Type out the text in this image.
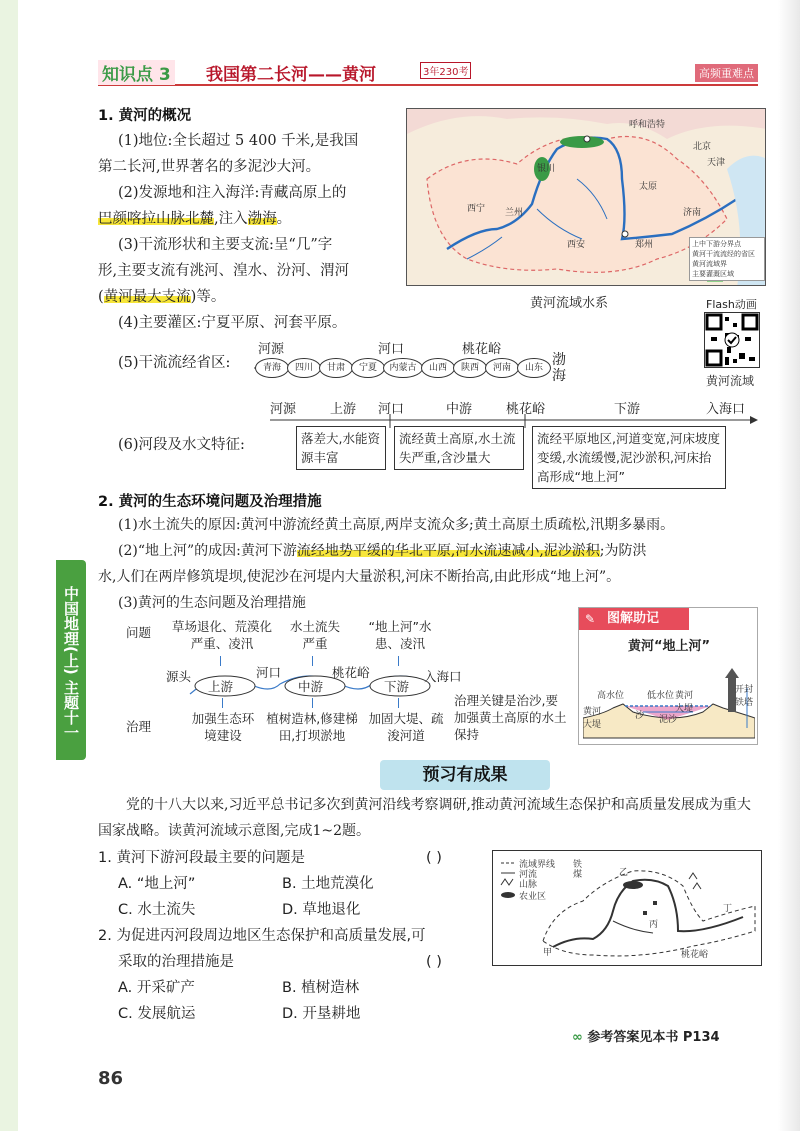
中国地理(上) 主题十一
知识点 3 我国第二长河——黄河	3年230考	高频重难点
1. 黄河的概况
(1)地位:全长超过 5 400 千米,是我国
第二长河,世界著名的多泥沙大河。
(2)发源地和注入海洋:青藏高原上的
巴颜喀拉山脉北麓,注入渤海。
(3)干流形状和主要支流:呈“几”字
形,主要支流有洮河、湟水、汾河、渭河
(黄河最大支流)等。
(4)主要灌区:宁夏平原、河套平原。
呼和浩特
银川
太原
西宁 兰州
西安	郑州
济南
北京
天津
上中下游分界点
黄河干流流经的省区
黄河流域界
主要灌溉区域
黄河流域水系	Flash动画
黄河流域
(5)干流流经省区:
河源	河口	桃花峪
青海	四川	甘肃	宁夏	内蒙古	山西	陕西	河南	山东 渤海
河源	上游 河口	中游	桃花峪	下游	入海口
(6)河段及水文特征:	落差大,水能资源丰富
流经黄土高原,水土流失严重,含沙量大
流经平原地区,河道变宽,河床坡度变缓,水流缓慢,泥沙淤积,河床抬高形成“地上河”
2. 黄河的生态环境问题及治理措施
(1)水土流失的原因:黄河中游流经黄土高原,两岸支流众多;黄土高原土质疏松,汛期多暴雨。
(2)“地上河”的成因:黄河下游流经地势平缓的华北平原,河水流速减小,泥沙淤积;为防洪
水,人们在两岸修筑堤坝,使泥沙在河堤内大量淤积,河床不断抬高,由此形成“地上河”。
(3)黄河的生态问题及治理措施
问题
治理
草场退化、荒漠化严重、凌汛
水土流失严重
“地上河”水患、凌汛
源头	河口	桃花峪	入海口
上游	中游	下游
加强生态环境建设
植树造林,修建梯田,打坝淤地
加固大堤、疏浚河道
治理关键是治沙,要加强黄土高原的水土保持
图解助记
✎
黄河“地上河”
高水位	低水位
黄河大堤
开封铁塔
黄河大堤
沙 泥沙
预习有成果
党的十八大以来,习近平总书记多次到黄河沿线考察调研,推动黄河流域生态保护和高质量发展成为重大国家战略。读黄河流域示意图,完成1~2题。
1. 黄河下游河段最主要的问题是	( )
A. “地上河”	B. 土地荒漠化
C. 水土流失	D. 草地退化
2. 为促进丙河段周边地区生态保护和高质量发展,可
采取的治理措施是	( )
A. 开采矿产	B. 植树造林
C. 发展航运	D. 开垦耕地
流域界线 铁
河流	煤
山脉
农业区
甲
乙
丙
丁
桃花峪
∞ 参考答案见本书 P134
86
